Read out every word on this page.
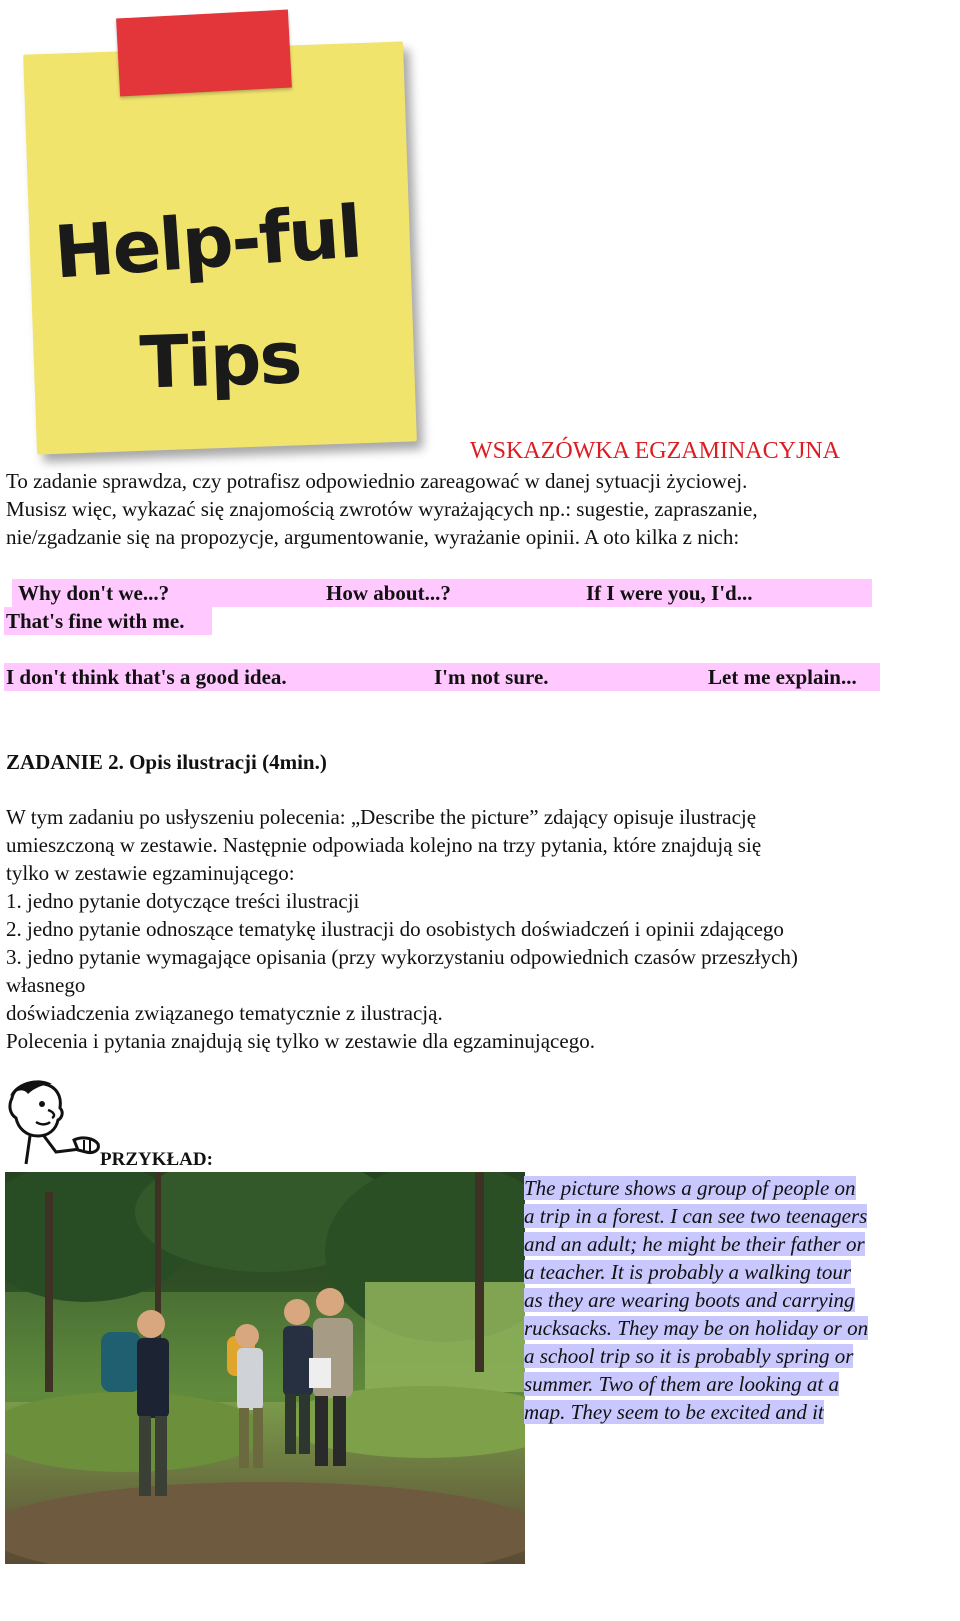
Help-ful
Tips
WSKAZÓWKA EGZAMINACYJNA
To zadanie sprawdza, czy potrafisz odpowiednio zareagować w danej sytuacji życiowej.
Musisz więc, wykazać się znajomością zwrotów wyrażających np.: sugestie, zapraszanie,
nie/zgadzanie się na propozycje, argumentowanie, wyrażanie opinii. A oto kilka z nich:
Why don't we...?	How about...?	If I were you, I'd...
That's fine with me.
I don't think that's a good idea.	I'm not sure.	Let me explain...
ZADANIE 2. Opis ilustracji (4min.)
W tym zadaniu po usłyszeniu polecenia: „Describe the picture” zdający opisuje ilustrację
umieszczoną w zestawie. Następnie odpowiada kolejno na trzy pytania, które znajdują się
tylko w zestawie egzaminującego:
1. jedno pytanie dotyczące treści ilustracji
2. jedno pytanie odnoszące tematykę ilustracji do osobistych doświadczeń i opinii zdającego
3. jedno pytanie wymagające opisania (przy wykorzystaniu odpowiednich czasów przeszłych)
własnego
doświadczenia związanego tematycznie z ilustracją.
Polecenia i pytania znajdują się tylko w zestawie dla egzaminującego.
PRZYKŁAD:
The picture shows a group of people on
a trip in a forest. I can see two teenagers
and an adult; he might be their father or
a teacher. It is probably a walking tour
as they are wearing boots and carrying
rucksacks. They may be on holiday or on
a school trip so it is probably spring or
summer. Two of them are looking at a
map. They seem to be excited and it
